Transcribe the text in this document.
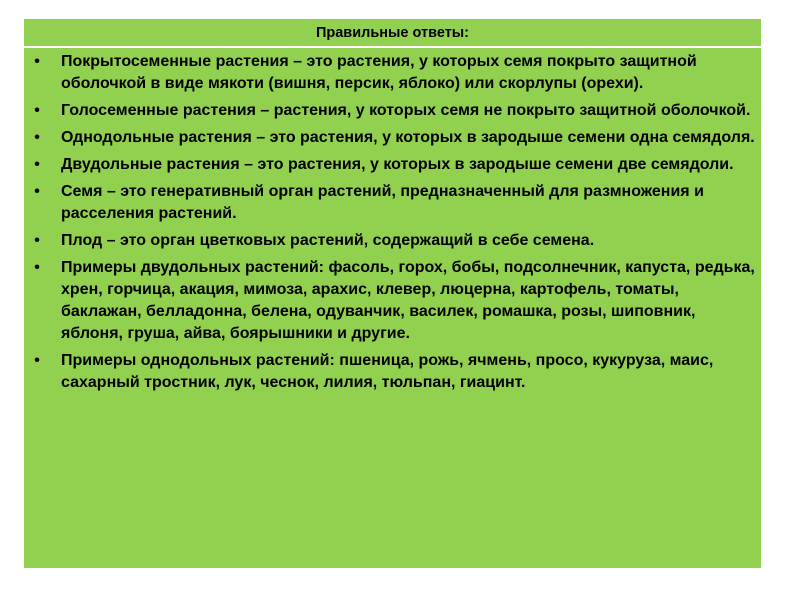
Правильные ответы:
• Покрытосеменные растения – это растения, у которых семя покрыто защитной оболочкой в виде мякоти (вишня, персик, яблоко) или скорлупы (орехи).
• Голосеменные растения – растения, у которых семя не покрыто защитной оболочкой.
• Однодольные растения – это растения, у которых в зародыше семени одна семядоля.
• Двудольные растения – это растения, у которых в зародыше семени две семядоли.
• Семя – это генеративный орган растений, предназначенный для размножения и расселения растений.
• Плод – это орган цветковых растений, содержащий в себе семена.
• Примеры двудольных растений: фасоль, горох, бобы, подсолнечник, капуста, редька, хрен, горчица, акация, мимоза, арахис, клевер, люцерна, картофель, томаты, баклажан, белладонна, белена, одуванчик, василек, ромашка, розы, шиповник, яблоня, груша, айва, боярышники и другие.
• Примеры однодольных растений: пшеница, рожь, ячмень, просо, кукуруза, маис, сахарный тростник, лук, чеснок, лилия, тюльпан, гиацинт.
